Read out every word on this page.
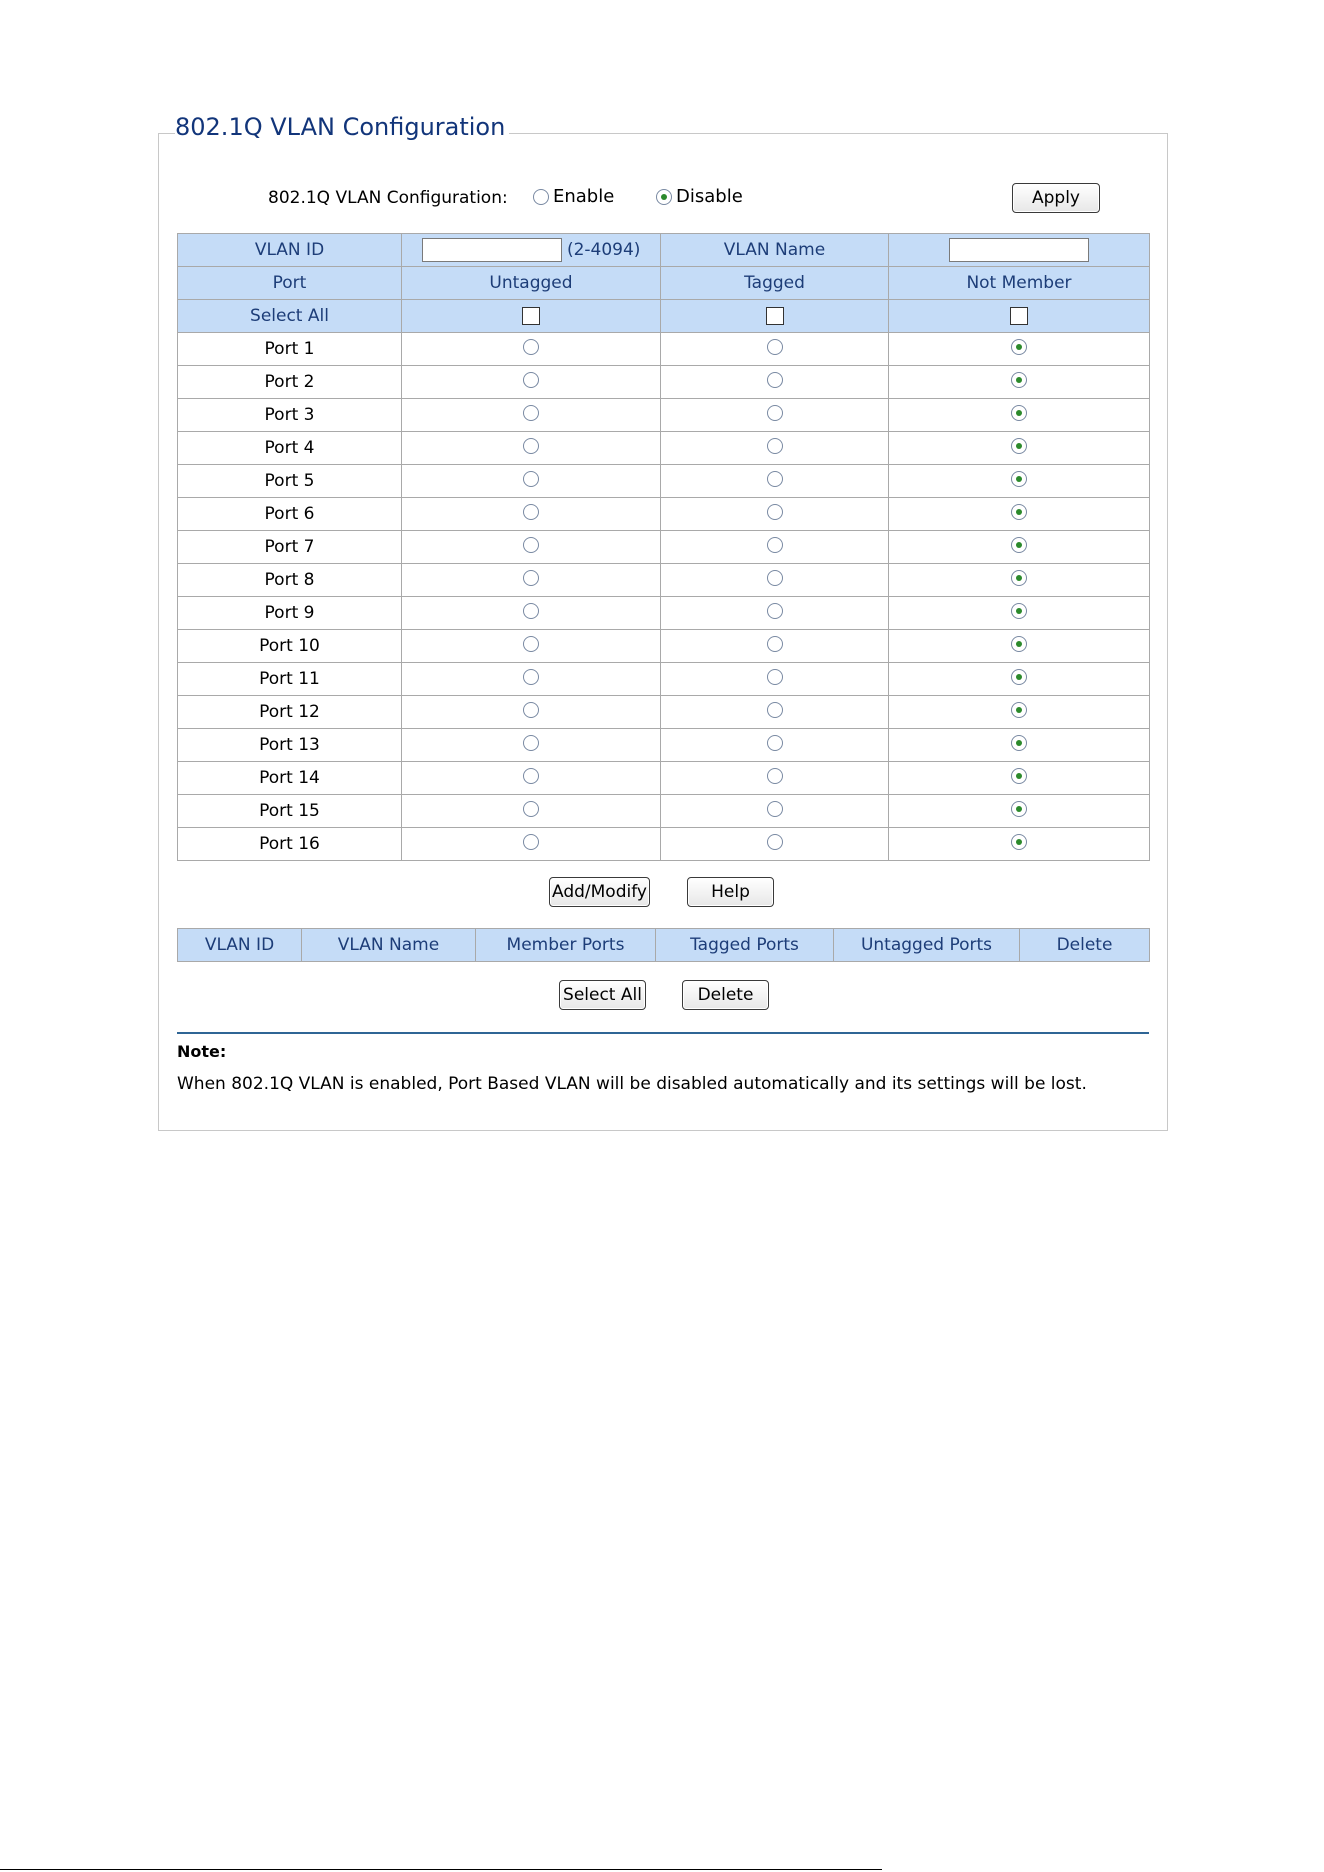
802.1Q VLAN Configuration
802.1Q VLAN Configuration:	Enable	Disable	Apply
VLAN ID	(2-4094)	VLAN Name	
Port	Untagged	Tagged	Not Member
Select All			
Port 1			
Port 2			
Port 3			
Port 4			
Port 5			
Port 6			
Port 7			
Port 8			
Port 9			
Port 10			
Port 11			
Port 12			
Port 13			
Port 14			
Port 15			
Port 16			
Add/Modify	Help
VLAN ID	VLAN Name	Member Ports	Tagged Ports	Untagged Ports	Delete
Select All	Delete
Note:
When 802.1Q VLAN is enabled, Port Based VLAN will be disabled automatically and its settings will be lost.
